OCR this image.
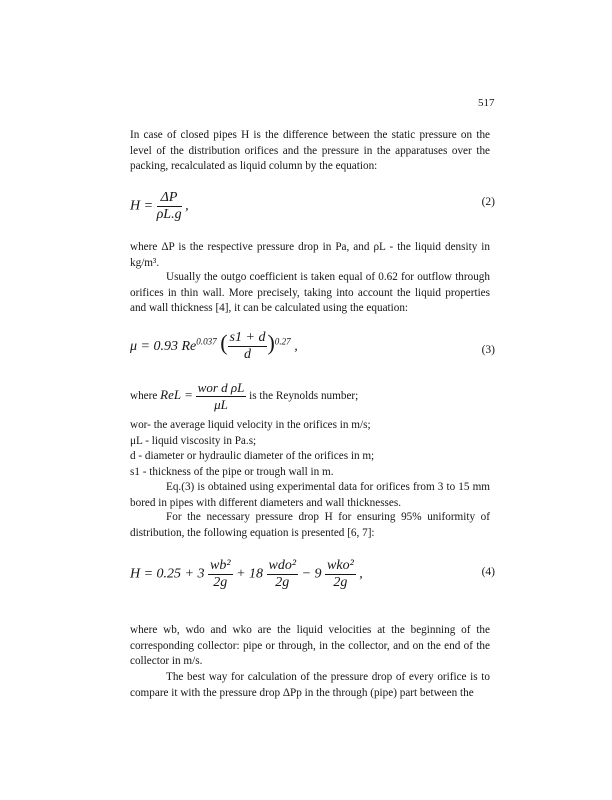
517
In case of closed pipes H is the difference between the static pressure on the level of the distribution orifices and the pressure in the apparatuses over the packing, recalculated as liquid column by the equation:
$H = \frac{\Delta P}{\rho L.g}$ ,	(2)
where ΔP is the respective pressure drop in Pa, and ρL - the liquid density in kg/m³.
Usually the outgo coefficient is taken equal of 0.62 for outflow through orifices in thin wall. More precisely, taking into account the liquid properties and wall thickness [4], it can be calculated using the equation:
μ = 0.93 $Re^{0.037}$ ( $\frac{s1 + d}{d} )^{0.27}$ ,	(3)
where ReL = $\frac{\text{wor d ρL}}{\mu L}$ is the Reynolds number;
wor- the average liquid velocity in the orifices in m/s;
μL - liquid viscosity in Pa.s;
d - diameter or hydraulic diameter of the orifices in m;
s1 - thickness of the pipe or trough wall in m.
Eq.(3) is obtained using experimental data for orifices from 3 to 15 mm bored in pipes with different diameters and wall thicknesses.
For the necessary pressure drop H for ensuring 95% uniformity of distribution, the following equation is presented [6, 7]:
$H = 0.25 + 3 \frac{\text{wb²}}{2g} + 18 \frac{\text{wdo²}}{2g} - 9 \frac{\text{wko²}}{2g}$ ,	(4)
where wb, wdo and wko are the liquid velocities at the beginning of the corresponding collector: pipe or through, in the collector, and on the end of the collector in m/s.
The best way for calculation of the pressure drop of every orifice is to compare it with the pressure drop ΔPp in the through (pipe) part between the
